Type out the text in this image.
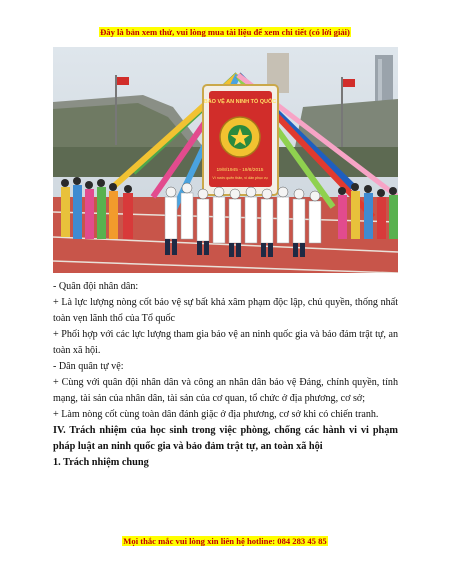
Đây là bản xem thử, vui lòng mua tài liệu để xem chi tiết (có lời giải)
BẢO VỆ AN NINH TỔ QUỐC
19/8/1945 - 19/8/2015
Vì nước quên thân, vì dân phục vụ

- Quân đội nhân dân:

+ Là lực lượng nòng cốt bảo vệ sự bất khả xâm phạm độc lập, chủ quyền, thống nhất toàn vẹn lãnh thổ của Tổ quốc

+ Phối hợp với các lực lượng tham gia bảo vệ an ninh quốc gia và bảo đảm trật tự, an toàn xã hội.

- Dân quân tự vệ:

+ Cùng với quân đội nhân dân và công an nhân dân bảo vệ Đảng, chính quyền, tính mạng, tài sản của nhân dân, tài sản của cơ quan, tổ chức ở địa phương, cơ sở;

+ Làm nòng cốt cùng toàn dân đánh giặc ở địa phương, cơ sở khi có chiến tranh.

IV. Trách nhiệm của học sinh trong việc phòng, chống các hành vi vi phạm pháp luật an ninh quốc gia và bảo đảm trật tự, an toàn xã hội

1. Trách nhiệm chung

Mọi thắc mắc vui lòng xin liên hệ hotline: 084 283 45 85
